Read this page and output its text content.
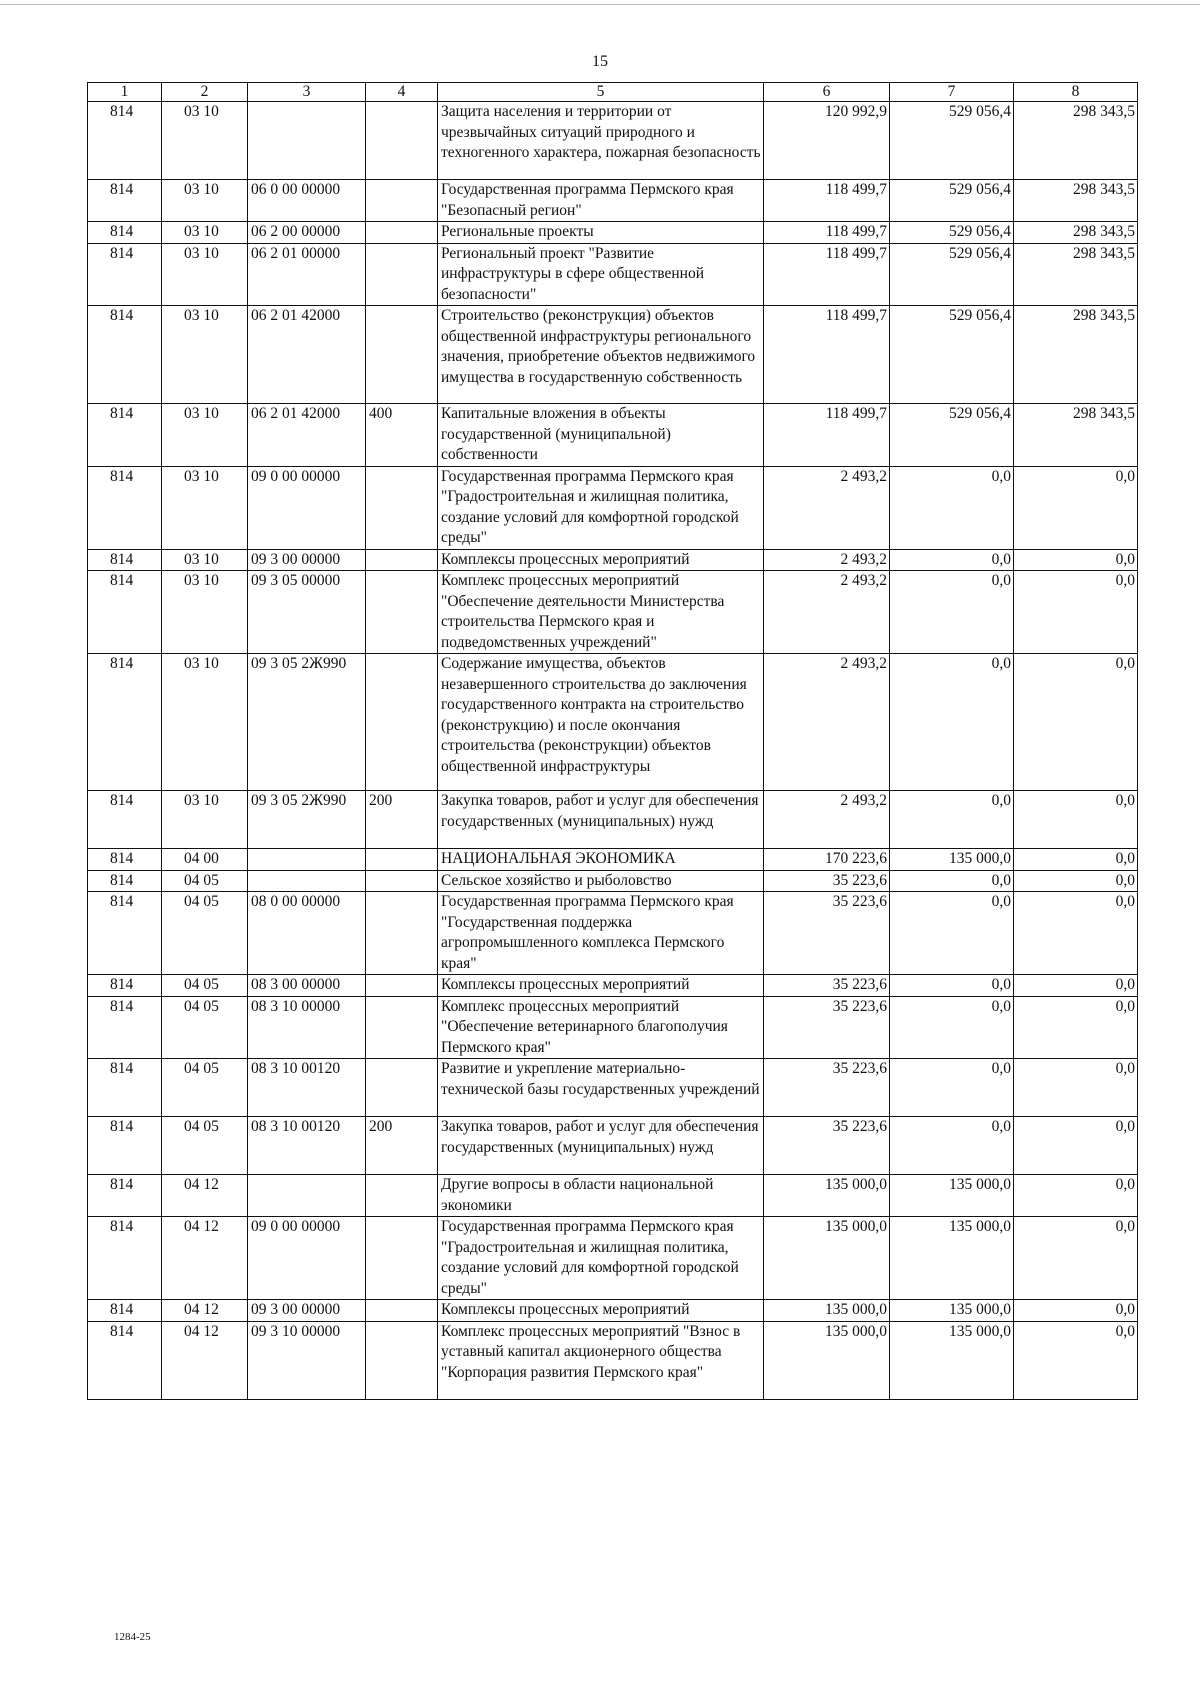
15
1	2	3	4	5	6	7	8
814	03 10			Защита населения и территории от чрезвычайных ситуаций природного и техногенного характера, пожарная безопасность	120 992,9	529 056,4	298 343,5
814	03 10	06 0 00 00000		Государственная программа Пермского края "Безопасный регион"	118 499,7	529 056,4	298 343,5
814	03 10	06 2 00 00000		Региональные проекты	118 499,7	529 056,4	298 343,5
814	03 10	06 2 01 00000		Региональный проект "Развитие инфраструктуры в сфере общественной безопасности"	118 499,7	529 056,4	298 343,5
814	03 10	06 2 01 42000		Строительство (реконструкция) объектов общественной инфраструктуры регионального значения, приобретение объектов недвижимого имущества в государственную собственность	118 499,7	529 056,4	298 343,5
814	03 10	06 2 01 42000	400	Капитальные вложения в объекты государственной (муниципальной) собственности	118 499,7	529 056,4	298 343,5
814	03 10	09 0 00 00000		Государственная программа Пермского края "Градостроительная и жилищная политика, создание условий для комфортной городской среды"	2 493,2	0,0	0,0
814	03 10	09 3 00 00000		Комплексы процессных мероприятий	2 493,2	0,0	0,0
814	03 10	09 3 05 00000		Комплекс процессных мероприятий "Обеспечение деятельности Министерства строительства Пермского края и подведомственных учреждений"	2 493,2	0,0	0,0
814	03 10	09 3 05 2Ж990		Содержание имущества, объектов незавершенного строительства до заключения государственного контракта на строительство (реконструкцию) и после окончания строительства (реконструкции) объектов общественной инфраструктуры	2 493,2	0,0	0,0
814	03 10	09 3 05 2Ж990	200	Закупка товаров, работ и услуг для обеспечения государственных (муниципальных) нужд	2 493,2	0,0	0,0
814	04 00			НАЦИОНАЛЬНАЯ ЭКОНОМИКА	170 223,6	135 000,0	0,0
814	04 05			Сельское хозяйство и рыболовство	35 223,6	0,0	0,0
814	04 05	08 0 00 00000		Государственная программа Пермского края "Государственная поддержка агропромышленного комплекса Пермского края"	35 223,6	0,0	0,0
814	04 05	08 3 00 00000		Комплексы процессных мероприятий	35 223,6	0,0	0,0
814	04 05	08 3 10 00000		Комплекс процессных мероприятий "Обеспечение ветеринарного благополучия Пермского края"	35 223,6	0,0	0,0
814	04 05	08 3 10 00120		Развитие и укрепление материально-технической базы государственных учреждений	35 223,6	0,0	0,0
814	04 05	08 3 10 00120	200	Закупка товаров, работ и услуг для обеспечения государственных (муниципальных) нужд	35 223,6	0,0	0,0
814	04 12			Другие вопросы в области национальной экономики	135 000,0	135 000,0	0,0
814	04 12	09 0 00 00000		Государственная программа Пермского края "Градостроительная и жилищная политика, создание условий для комфортной городской среды"	135 000,0	135 000,0	0,0
814	04 12	09 3 00 00000		Комплексы процессных мероприятий	135 000,0	135 000,0	0,0
814	04 12	09 3 10 00000		Комплекс процессных мероприятий "Взнос в уставный капитал акционерного общества "Корпорация развития Пермского края"	135 000,0	135 000,0	0,0
1284-25
